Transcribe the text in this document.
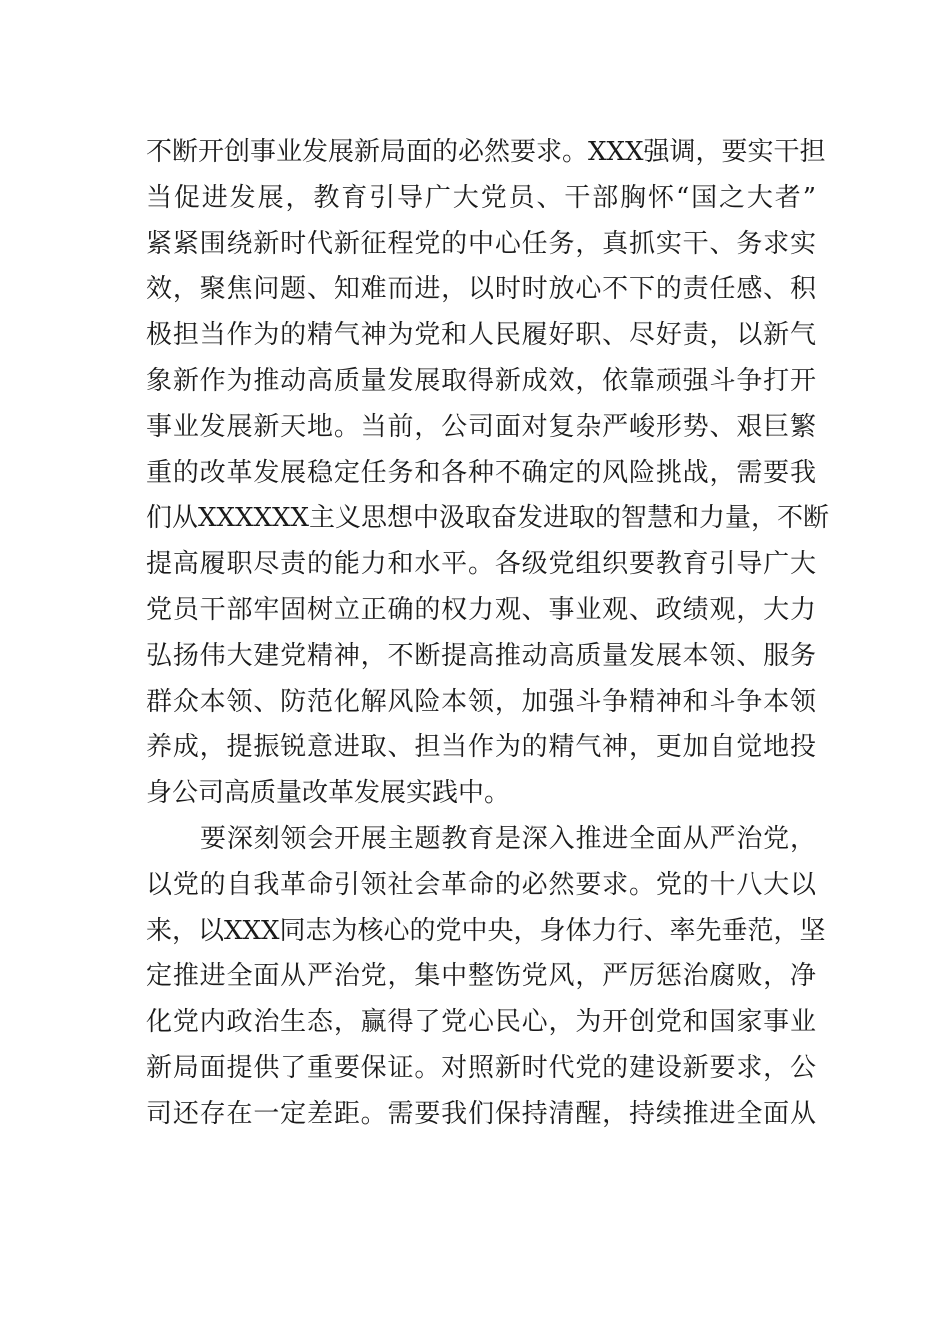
不断开创事业发展新局面的必然要求。XXX强调，要实干担
当促进发展，教育引导广大党员、干部胸怀“国之大者”
紧紧围绕新时代新征程党的中心任务，真抓实干、务求实
效，聚焦问题、知难而进，以时时放心不下的责任感、积
极担当作为的精气神为党和人民履好职、尽好责，以新气
象新作为推动高质量发展取得新成效，依靠顽强斗争打开
事业发展新天地。当前，公司面对复杂严峻形势、艰巨繁
重的改革发展稳定任务和各种不确定的风险挑战，需要我
们从XXXXXX主义思想中汲取奋发进取的智慧和力量，不断
提高履职尽责的能力和水平。各级党组织要教育引导广大
党员干部牢固树立正确的权力观、事业观、政绩观，大力
弘扬伟大建党精神，不断提高推动高质量发展本领、服务
群众本领、防范化解风险本领，加强斗争精神和斗争本领
养成，提振锐意进取、担当作为的精气神，更加自觉地投
身公司高质量改革发展实践中。
要深刻领会开展主题教育是深入推进全面从严治党，
以党的自我革命引领社会革命的必然要求。党的十八大以
来，以XXX同志为核心的党中央，身体力行、率先垂范，坚
定推进全面从严治党，集中整饬党风，严厉惩治腐败，净
化党内政治生态，赢得了党心民心，为开创党和国家事业
新局面提供了重要保证。对照新时代党的建设新要求，公
司还存在一定差距。需要我们保持清醒，持续推进全面从
